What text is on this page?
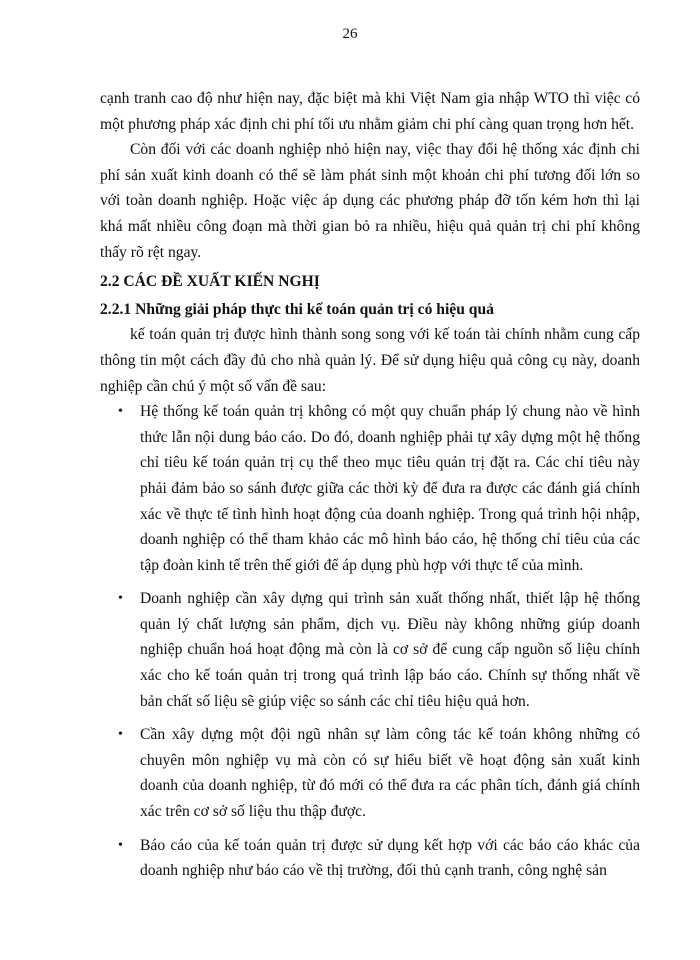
26

cạnh tranh cao độ như hiện nay, đặc biệt mà khi Việt Nam gia nhập WTO thì việc có một phương pháp xác định chi phí tối ưu nhằm giảm chi phí càng quan trọng hơn hết.

Còn đối với các doanh nghiệp nhỏ hiện nay, việc thay đổi hệ thống xác định chi phí sản xuất kinh doanh có thể sẽ làm phát sinh một khoản chi phí tương đối lớn so với toàn doanh nghiệp. Hoặc việc áp dụng các phương pháp đỡ tốn kém hơn thì lại khá mất nhiều công đoạn mà thời gian bỏ ra nhiều, hiệu quả quản trị chi phí không thấy rõ rệt ngay.

2.2 CÁC ĐỀ XUẤT KIẾN NGHỊ

2.2.1 Những giải pháp thực thi kế toán quản trị có hiệu quả

kế toán quản trị được hình thành song song với kế toán tài chính nhằm cung cấp thông tin một cách đầy đủ cho nhà quản lý. Để sử dụng hiệu quả công cụ này, doanh nghiệp cần chú ý một số vấn đề sau:

• Hệ thống kế toán quản trị không có một quy chuẩn pháp lý chung nào về hình thức lẫn nội dung báo cáo. Do đó, doanh nghiệp phải tự xây dựng một hệ thống chỉ tiêu kế toán quản trị cụ thể theo mục tiêu quản trị đặt ra. Các chỉ tiêu này phải đảm bảo so sánh được giữa các thời kỳ để đưa ra được các đánh giá chính xác về thực tế tình hình hoạt động của doanh nghiệp. Trong quá trình hội nhập, doanh nghiệp có thể tham khảo các mô hình báo cáo, hệ thống chỉ tiêu của các tập đoàn kinh tế trên thế giới để áp dụng phù hợp với thực tế của mình.
• Doanh nghiệp cần xây dựng qui trình sản xuất thống nhất, thiết lập hệ thống quản lý chất lượng sản phẩm, dịch vụ. Điều này không những giúp doanh nghiệp chuẩn hoá hoạt động mà còn là cơ sở để cung cấp nguồn số liệu chính xác cho kế toán quản trị trong quá trình lập báo cáo. Chính sự thống nhất về bản chất số liệu sẽ giúp việc so sánh các chỉ tiêu hiệu quả hơn.
• Cần xây dựng một đội ngũ nhân sự làm công tác kế toán không những có chuyên môn nghiệp vụ mà còn có sự hiểu biết về hoạt động sản xuất kinh doanh của doanh nghiệp, từ đó mới có thể đưa ra các phân tích, đánh giá chính xác trên cơ sở số liệu thu thập được.
• Báo cáo của kế toán quản trị được sử dụng kết hợp với các báo cáo khác của doanh nghiệp như báo cáo về thị trường, đối thủ cạnh tranh, công nghệ sản
